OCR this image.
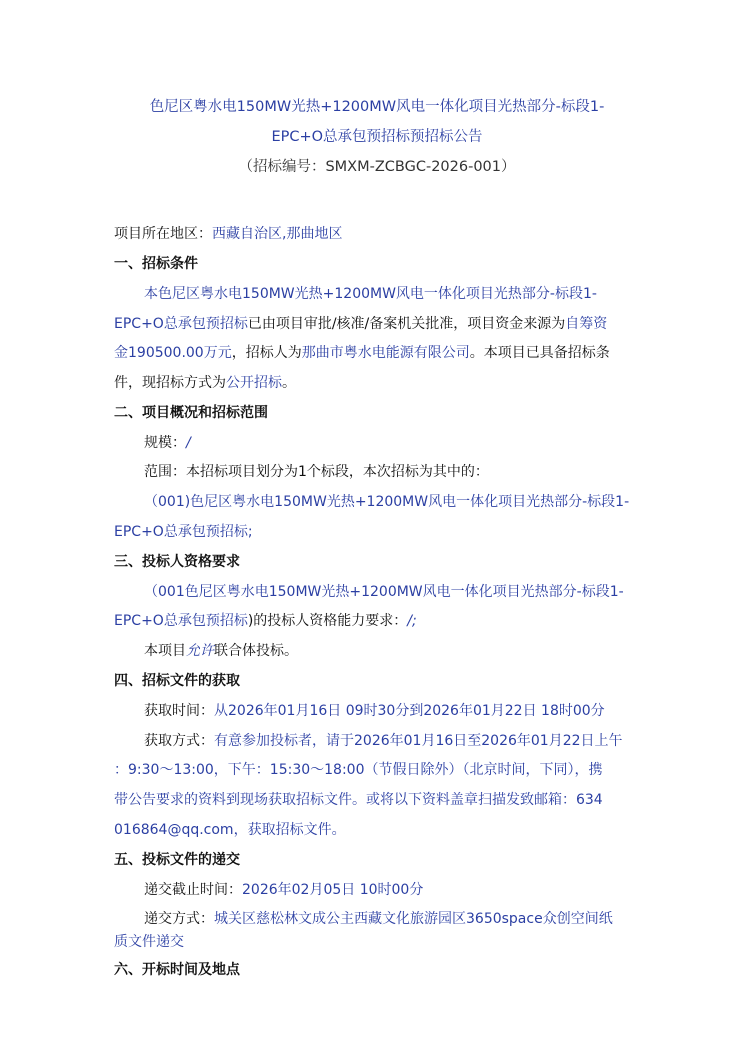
色尼区粤水电150MW光热+1200MW风电一体化项目光热部分-标段1-
EPC+O总承包预招标预招标公告
（招标编号：SMXM-ZCBGC-2026-001）
项目所在地区：西藏自治区,那曲地区
一、招标条件
本色尼区粤水电150MW光热+1200MW风电一体化项目光热部分-标段1-
EPC+O总承包预招标已由项目审批/核准/备案机关批准，项目资金来源为自筹资
金190500.00万元，招标人为那曲市粤水电能源有限公司。本项目已具备招标条
件，现招标方式为公开招标。
二、项目概况和招标范围
规模：/
范围：本招标项目划分为1个标段，本次招标为其中的：
（001)色尼区粤水电150MW光热+1200MW风电一体化项目光热部分-标段1-
EPC+O总承包预招标;
三、投标人资格要求
（001色尼区粤水电150MW光热+1200MW风电一体化项目光热部分-标段1-
EPC+O总承包预招标)的投标人资格能力要求：/;
本项目允许联合体投标。
四、招标文件的获取
获取时间：从2026年01月16日 09时30分到2026年01月22日 18时00分
获取方式：有意参加投标者，请于2026年01月16日至2026年01月22日上午
：9:30～13:00，下午：15:30～18:00（节假日除外）（北京时间，下同），携
带公告要求的资料到现场获取招标文件。或将以下资料盖章扫描发致邮箱：634
016864@qq.com，获取招标文件。
五、投标文件的递交
递交截止时间：2026年02月05日 10时00分
递交方式：城关区慈松林文成公主西藏文化旅游园区3650space众创空间纸
质文件递交
六、开标时间及地点
